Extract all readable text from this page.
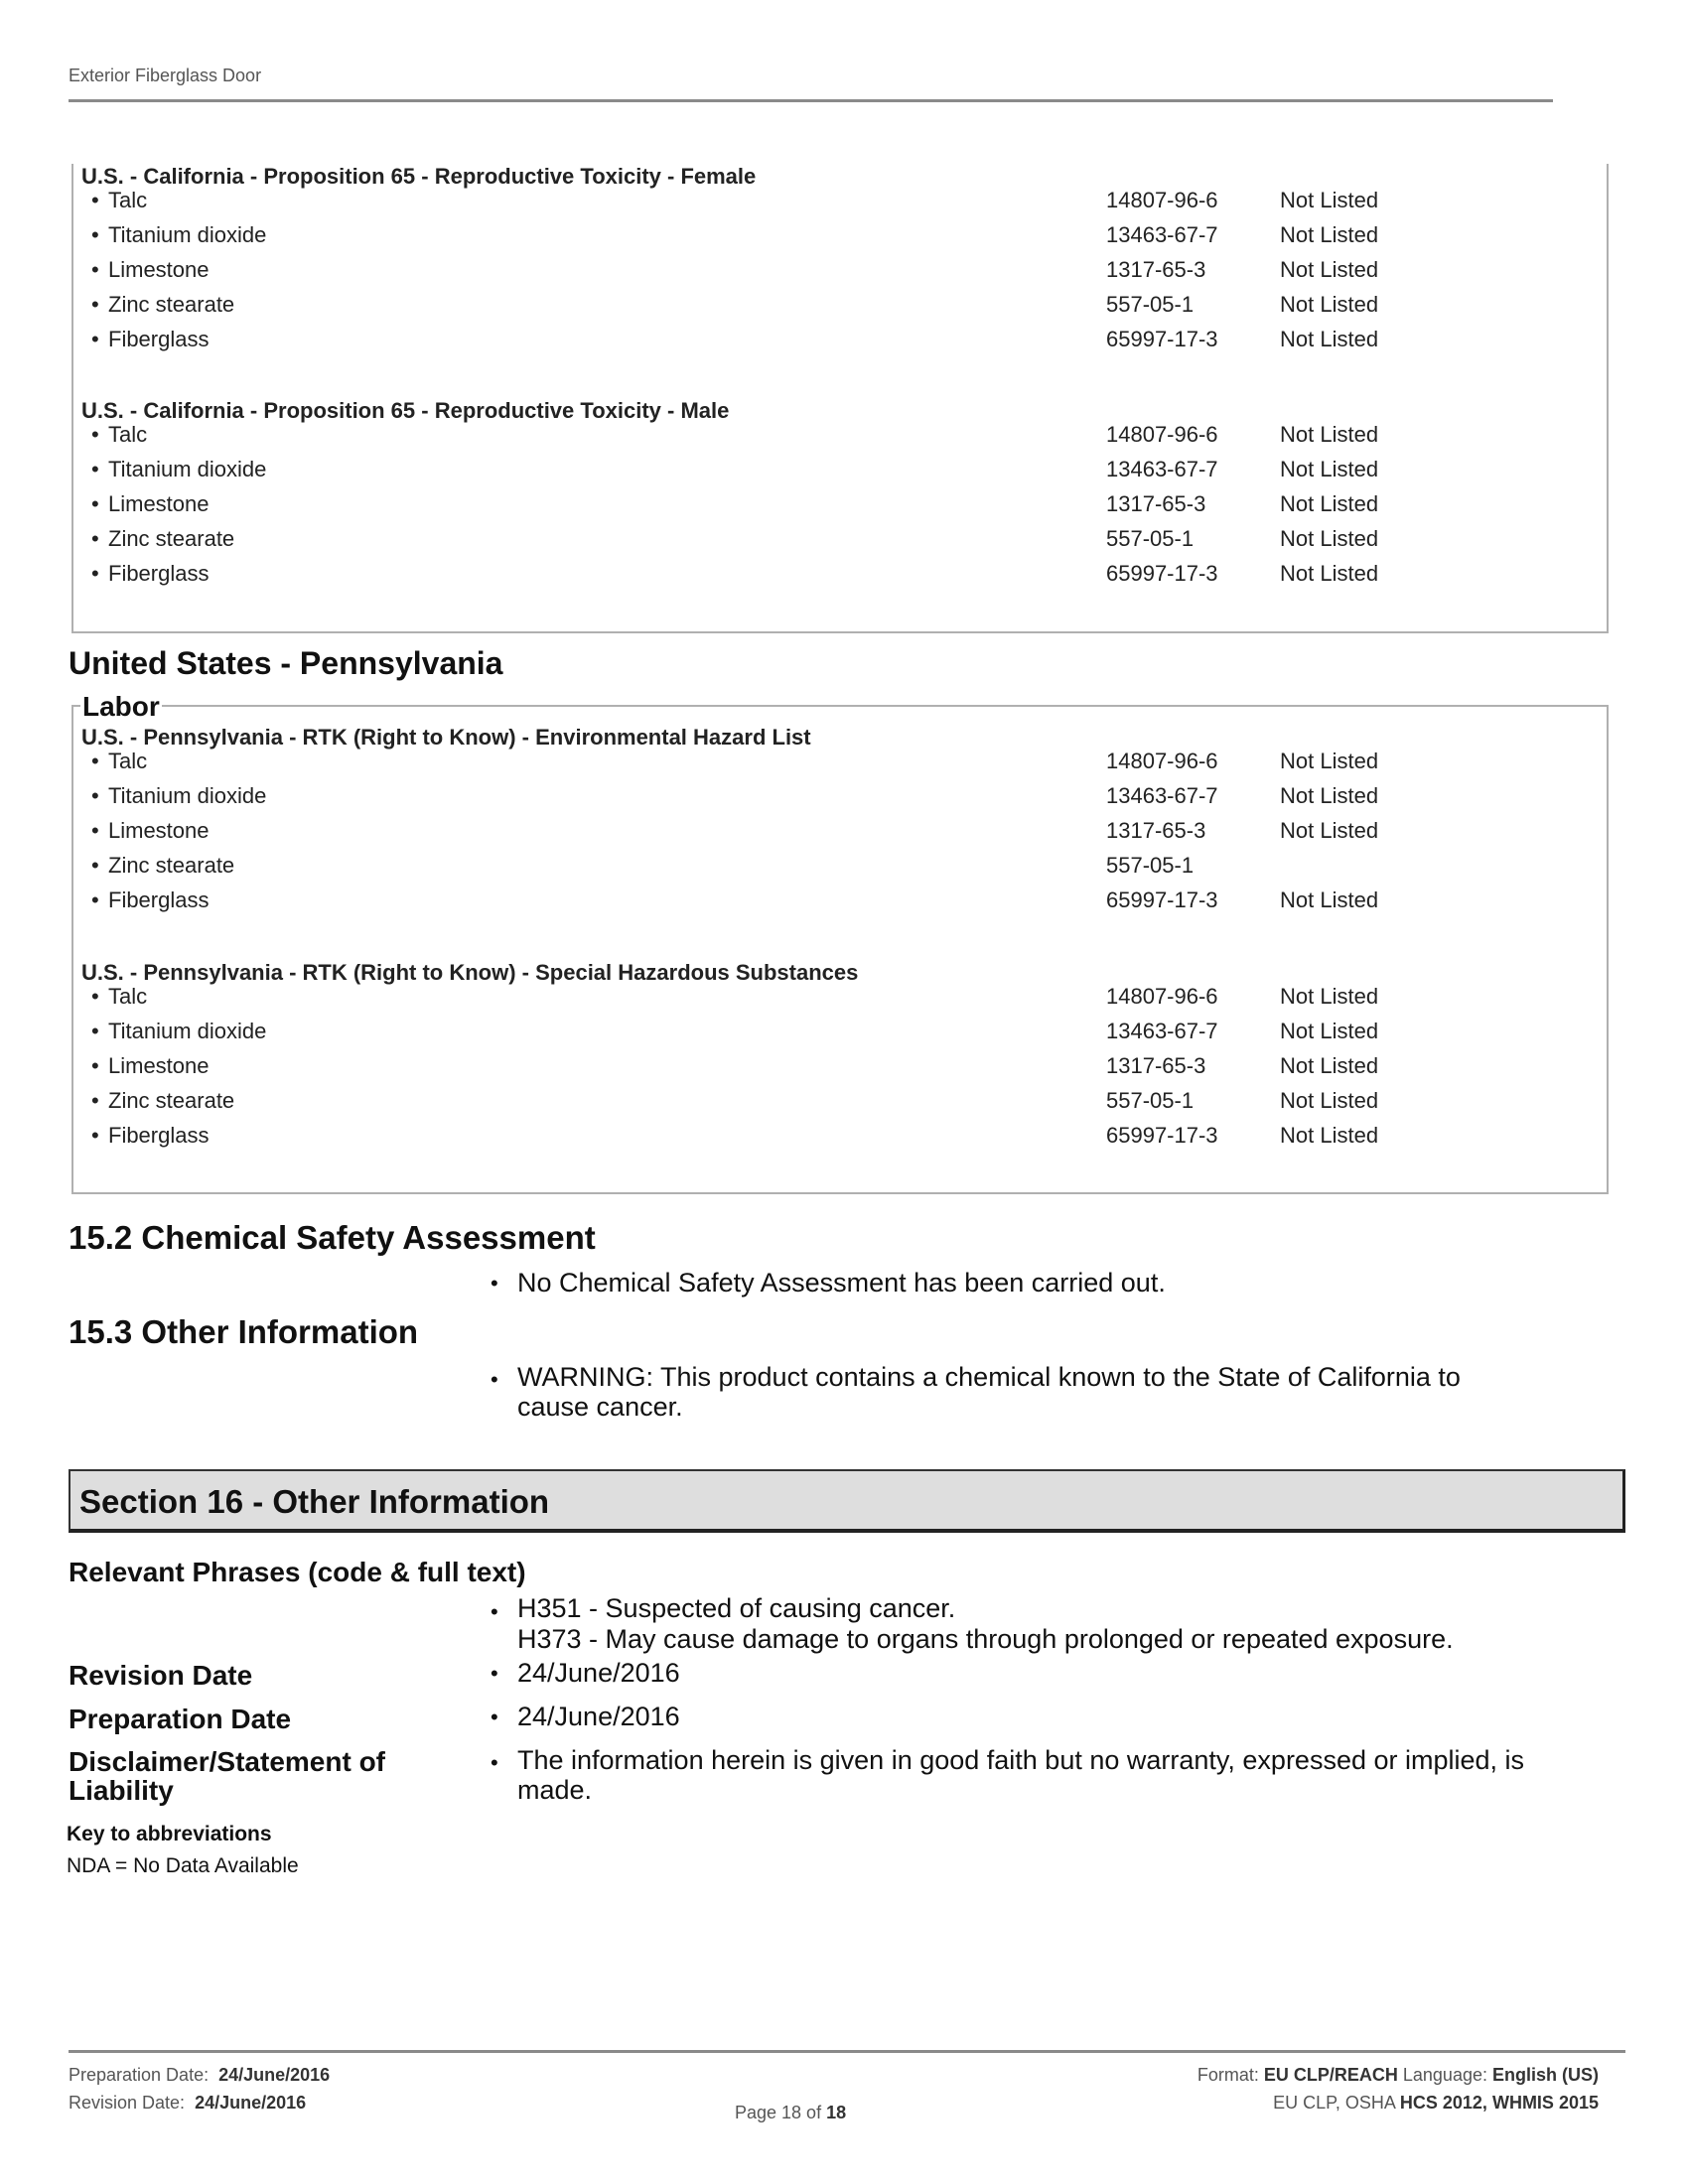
Exterior Fiberglass Door
U.S. - California - Proposition 65 - Reproductive Toxicity - Female
U.S. - California - Proposition 65 - Reproductive Toxicity - Male
• Talc	14807-96-6	Not Listed
• Titanium dioxide	13463-67-7	Not Listed
• Limestone	1317-65-3	Not Listed
• Zinc stearate	557-05-1	Not Listed
• Fiberglass	65997-17-3	Not Listed
• Talc	14807-96-6	Not Listed
• Titanium dioxide	13463-67-7	Not Listed
• Limestone	1317-65-3	Not Listed
• Zinc stearate	557-05-1	Not Listed
• Fiberglass	65997-17-3	Not Listed
United States - Pennsylvania
Labor
U.S. - Pennsylvania - RTK (Right to Know) - Environmental Hazard List
U.S. - Pennsylvania - RTK (Right to Know) - Special Hazardous Substances
• Talc	14807-96-6	Not Listed
• Titanium dioxide	13463-67-7	Not Listed
• Limestone	1317-65-3	Not Listed
• Zinc stearate	557-05-1
• Fiberglass	65997-17-3	Not Listed
• Talc	14807-96-6	Not Listed
• Titanium dioxide	13463-67-7	Not Listed
• Limestone	1317-65-3	Not Listed
• Zinc stearate	557-05-1	Not Listed
• Fiberglass	65997-17-3	Not Listed
15.2 Chemical Safety Assessment
• No Chemical Safety Assessment has been carried out.
15.3 Other Information
• WARNING: This product contains a chemical known to the State of California to
cause cancer.
Section 16 - Other Information
Relevant Phrases (code & full text)
• H351 - Suspected of causing cancer.
H373 - May cause damage to organs through prolonged or repeated exposure.
Revision Date	• 24/June/2016
Preparation Date	• 24/June/2016
Disclaimer/Statement of
Liability
• The information herein is given in good faith but no warranty, expressed or implied, is
made.
Key to abbreviations
NDA = No Data Available
Preparation Date: 24/June/2016
Revision Date: 24/June/2016	Page 18 of 18
Format: EU CLP/REACH Language: English (US)
EU CLP, OSHA HCS 2012, WHMIS 2015
